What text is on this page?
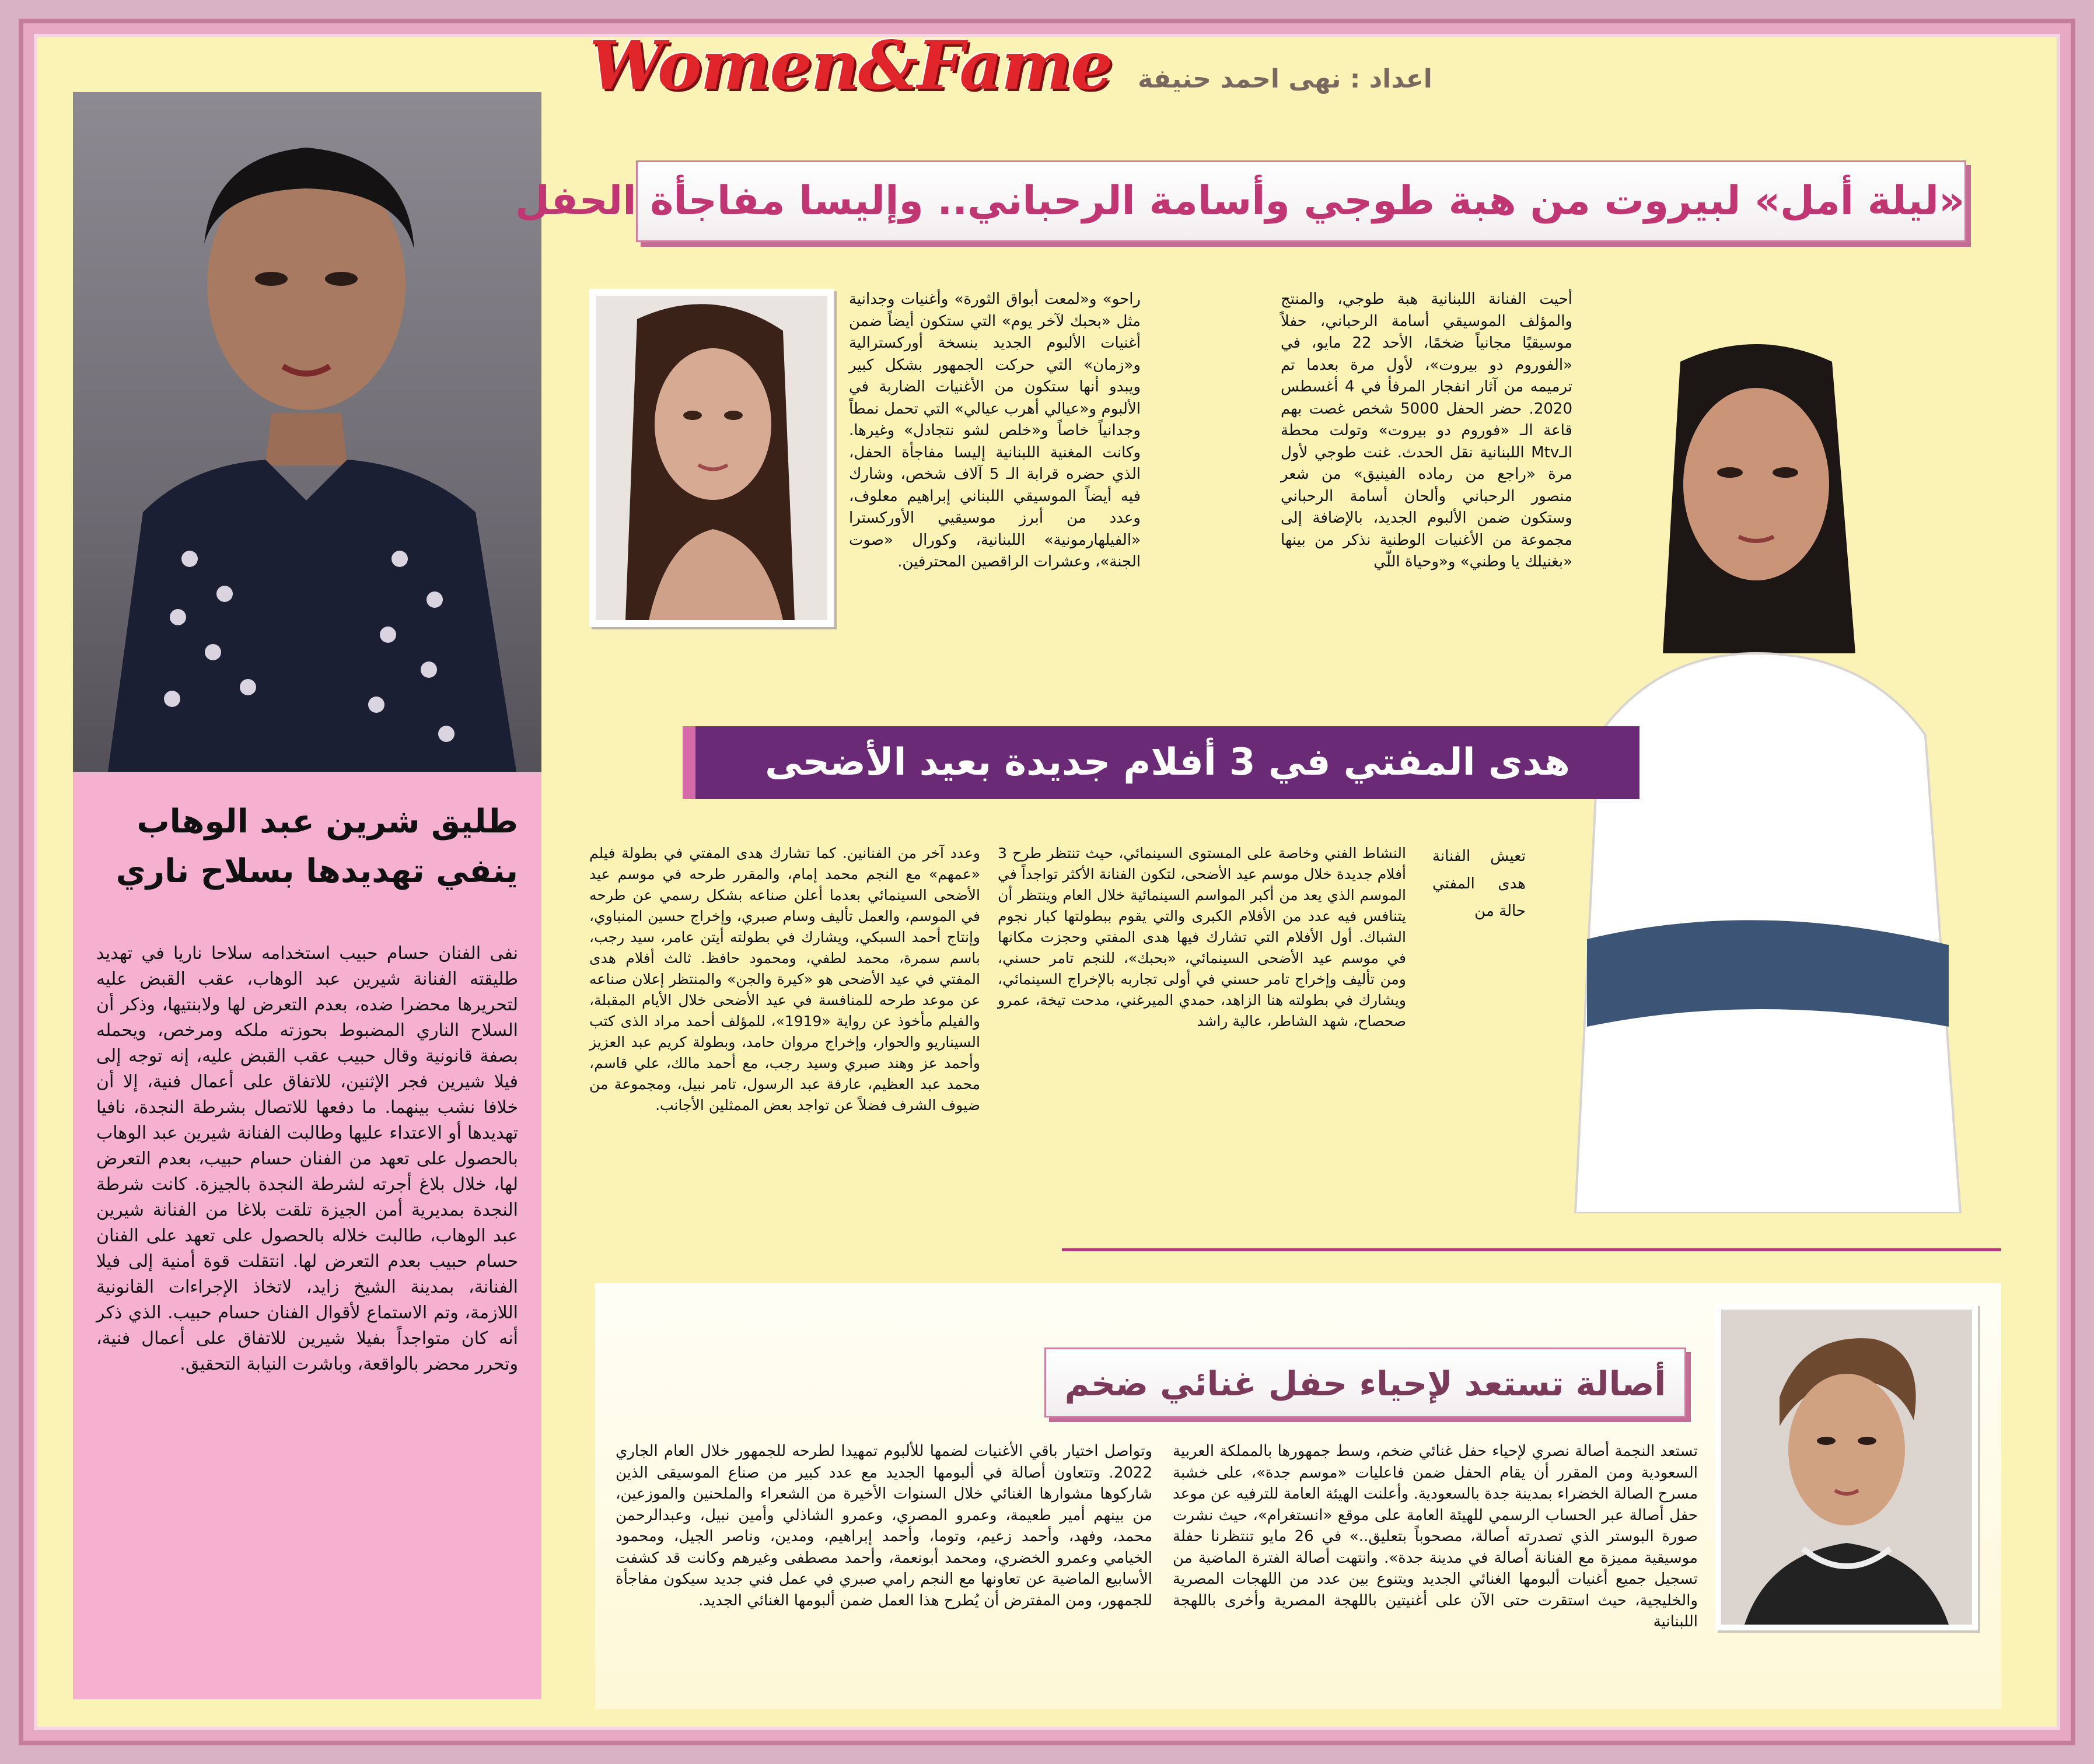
Women&Fame اعداد : نهى احمد حنيفة
طليق شرين عبد الوهاب
ينفي تهديدها بسلاح ناري
نفى الفنان حسام حبيب استخدامه سلاحا ناريا في تهديد طليقته الفنانة شيرين عبد الوهاب، عقب القبض عليه لتحريرها محضرا ضده، بعدم التعرض لها ولابنتيها، وذكر أن السلاح الناري المضبوط بحوزته ملكه ومرخص، ويحمله بصفة قانونية وقال حبيب عقب القبض عليه، إنه توجه إلى فيلا شيرين فجر الإثنين، للاتفاق على أعمال فنية، إلا أن خلافا نشب بينهما. ما دفعها للاتصال بشرطة النجدة، نافيا تهديدها أو الاعتداء عليها وطالبت الفنانة شيرين عبد الوهاب بالحصول على تعهد من الفنان حسام حبيب، بعدم التعرض لها، خلال بلاغ أجرته لشرطة النجدة بالجيزة. كانت شرطة النجدة بمديرية أمن الجيزة تلقت بلاغا من الفنانة شيرين عبد الوهاب، طالبت خلاله بالحصول على تعهد على الفنان حسام حبيب بعدم التعرض لها. انتقلت قوة أمنية إلى فيلا الفنانة، بمدينة الشيخ زايد، لاتخاذ الإجراءات القانونية اللازمة، وتم الاستماع لأقوال الفنان حسام حبيب. الذي ذكر أنه كان متواجداً بفيلا شيرين للاتفاق على أعمال فنية، وتحرر محضر بالواقعة، وباشرت النيابة التحقيق.
«ليلة أمل» لبيروت من هبة طوجي وأسامة الرحباني.. وإليسا مفاجأة الحفل
أحيت الفنانة اللبنانية هبة طوجي، والمنتج والمؤلف الموسيقي أسامة الرحباني، حفلاً موسيقيًا مجانياً ضخمًا، الأحد 22 مايو، في «الفوروم دو بيروت»، لأول مرة بعدما تم ترميمه من آثار انفجار المرفأ في 4 أغسطس 2020. حضر الحفل 5000 شخص غصت بهم قاعة الـ «فوروم دو بيروت» وتولت محطة الـMtv اللبنانية نقل الحدث. غنت طوجي لأول مرة «راجع من رماده الفينيق» من شعر منصور الرحباني وألحان أسامة الرحباني وستكون ضمن الألبوم الجديد، بالإضافة إلى مجموعة من الأغنيات الوطنية نذكر من بينها «بغنيلك يا وطني» و«وحياة اللّي
راحو» و«لمعت أبواق الثورة» وأغنيات وجدانية مثل «بحبك لآخر يوم» التي ستكون أيضاً ضمن أغنيات الألبوم الجديد بنسخة أوركسترالية و«زمان» التي حركت الجمهور بشكل كبير ويبدو أنها ستكون من الأغنيات الضاربة في الألبوم و«عيالي أهرب عيالي» التي تحمل نمطاً وجدانياً خاصاً و«خلص لشو نتجادل» وغيرها. وكانت المغنية اللبنانية إليسا مفاجأة الحفل، الذي حضره قرابة الـ 5 آلاف شخص، وشارك فيه أيضاً الموسيقي اللبناني إبراهيم معلوف، وعدد من أبرز موسيقيي الأوركسترا «الفيلهارمونية» اللبنانية، وكورال «صوت الجنة»، وعشرات الراقصين المحترفين.
هدى المفتي في 3 أفلام جديدة بعيد الأضحى
تعيش الفنانة هدى المفتي حالة من
النشاط الفني وخاصة على المستوى السينمائي، حيث تنتظر طرح 3 أفلام جديدة خلال موسم عيد الأضحى، لتكون الفنانة الأكثر تواجداً في الموسم الذي يعد من أكبر المواسم السينمائية خلال العام وينتظر أن يتنافس فيه عدد من الأفلام الكبرى والتي يقوم ببطولتها كبار نجوم الشباك. أول الأفلام التي تشارك فيها هدى المفتي وحجزت مكانها في موسم عيد الأضحى السينمائي، «بحبك»، للنجم تامر حسني، ومن تأليف وإخراج تامر حسني في أولى تجاربه بالإخراج السينمائي، ويشارك في بطولته هنا الزاهد، حمدي الميرغني، مدحت تيخة، عمرو صحصاح، شهد الشاطر، عالية راشد
وعدد آخر من الفنانين. كما تشارك هدى المفتي في بطولة فيلم «عمهم» مع النجم محمد إمام، والمقرر طرحه في موسم عيد الأضحى السينمائي بعدما أعلن صناعه بشكل رسمي عن طرحه في الموسم، والعمل تأليف وسام صبري، وإخراج حسين المنباوي، وإنتاج أحمد السبكي، ويشارك في بطولته أيتن عامر، سيد رجب، باسم سمرة، محمد لطفي، ومحمود حافظ. ثالث أفلام هدى المفتي في عيد الأضحى هو «كيرة والجن» والمنتظر إعلان صناعه عن موعد طرحه للمنافسة في عيد الأضحى خلال الأيام المقبلة، والفيلم مأخوذ عن رواية «1919»، للمؤلف أحمد مراد الذى كتب السيناريو والحوار، وإخراج مروان حامد، وبطولة كريم عبد العزيز وأحمد عز وهند صبري وسيد رجب، مع أحمد مالك، علي قاسم، محمد عبد العظيم، عارفة عبد الرسول، تامر نبيل، ومجموعة من ضيوف الشرف فضلاً عن تواجد بعض الممثلين الأجانب.
أصالة تستعد لإحياء حفل غنائي ضخم
تستعد النجمة أصالة نصري لإحياء حفل غنائي ضخم، وسط جمهورها بالمملكة العربية السعودية ومن المقرر أن يقام الحفل ضمن فاعليات «موسم جدة»، على خشبة مسرح الصالة الخضراء بمدينة جدة بالسعودية. وأعلنت الهيئة العامة للترفيه عن موعد حفل أصالة عبر الحساب الرسمي للهيئة العامة على موقع «انستغرام»، حيث نشرت صورة البوستر الذي تصدرته أصالة، مصحوباً بتعليق..» في 26 مايو تنتظرنا حفلة موسيقية مميزة مع الفنانة أصالة في مدينة جدة». وانتهت أصالة الفترة الماضية من تسجيل جميع أغنيات ألبومها الغنائي الجديد ويتنوع بين عدد من اللهجات المصرية والخليجية، حيث استقرت حتى الآن على أغنيتين باللهجة المصرية وأخرى باللهجة اللبنانية
وتواصل اختيار باقي الأغنيات لضمها للألبوم تمهيدا لطرحه للجمهور خلال العام الجاري 2022. وتتعاون أصالة في ألبومها الجديد مع عدد كبير من صناع الموسيقى الذين شاركوها مشوارها الغنائي خلال السنوات الأخيرة من الشعراء والملحنين والموزعين، من بينهم أمير طعيمة، وعمرو المصري، وعمرو الشاذلي وأمين نبيل، وعبدالرحمن محمد، وفهد، وأحمد زعيم، وتوما، وأحمد إبراهيم، ومدين، وناصر الجيل، ومحمود الخيامي وعمرو الخضري، ومحمد أبونعمة، وأحمد مصطفى وغيرهم وكانت قد كشفت الأسابيع الماضية عن تعاونها مع النجم رامي صبري في عمل فني جديد سيكون مفاجأة للجمهور، ومن المفترض أن يُطرح هذا العمل ضمن ألبومها الغنائي الجديد.
